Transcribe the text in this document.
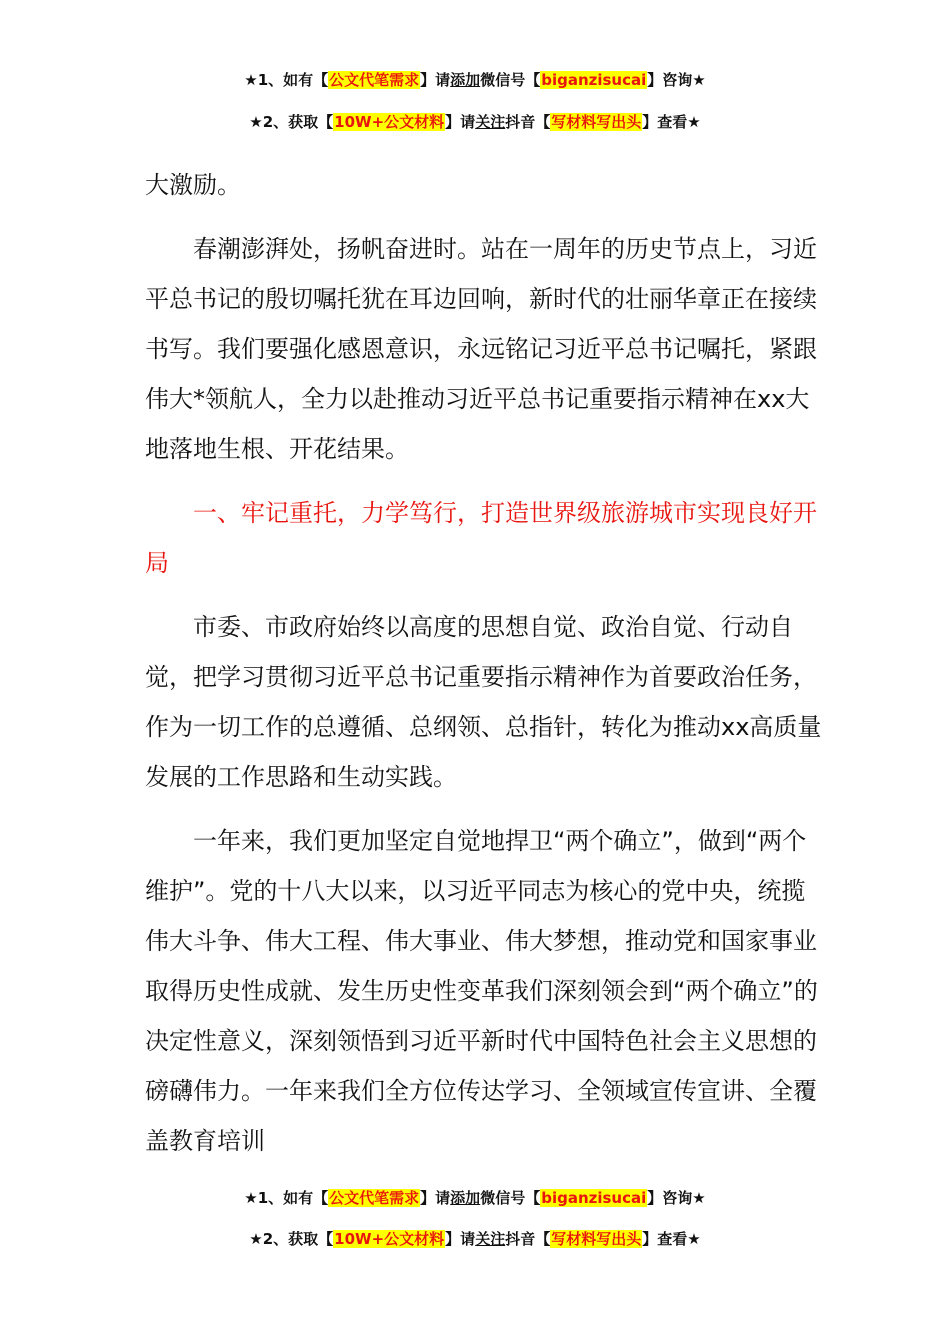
★1、如有【公文代笔需求】请添加微信号【biganzisucai】咨询★
★2、获取【10W+公文材料】请关注抖音【写材料写出头】查看★

大激励。

春潮澎湃处，扬帆奋进时。站在一周年的历史节点上，习近平总书记的殷切嘱托犹在耳边回响，新时代的壮丽华章正在接续书写。我们要强化感恩意识，永远铭记习近平总书记嘱托，紧跟伟大*领航人，全力以赴推动习近平总书记重要指示精神在xx大地落地生根、开花结果。

一、牢记重托，力学笃行，打造世界级旅游城市实现良好开局

市委、市政府始终以高度的思想自觉、政治自觉、行动自觉，把学习贯彻习近平总书记重要指示精神作为首要政治任务，作为一切工作的总遵循、总纲领、总指针，转化为推动xx高质量发展的工作思路和生动实践。

一年来，我们更加坚定自觉地捍卫“两个确立”，做到“两个维护”。党的十八大以来，以习近平同志为核心的党中央，统揽伟大斗争、伟大工程、伟大事业、伟大梦想，推动党和国家事业取得历史性成就、发生历史性变革我们深刻领会到“两个确立”的决定性意义，深刻领悟到习近平新时代中国特色社会主义思想的磅礴伟力。一年来我们全方位传达学习、全领域宣传宣讲、全覆盖教育培训

★1、如有【公文代笔需求】请添加微信号【biganzisucai】咨询★
★2、获取【10W+公文材料】请关注抖音【写材料写出头】查看★
